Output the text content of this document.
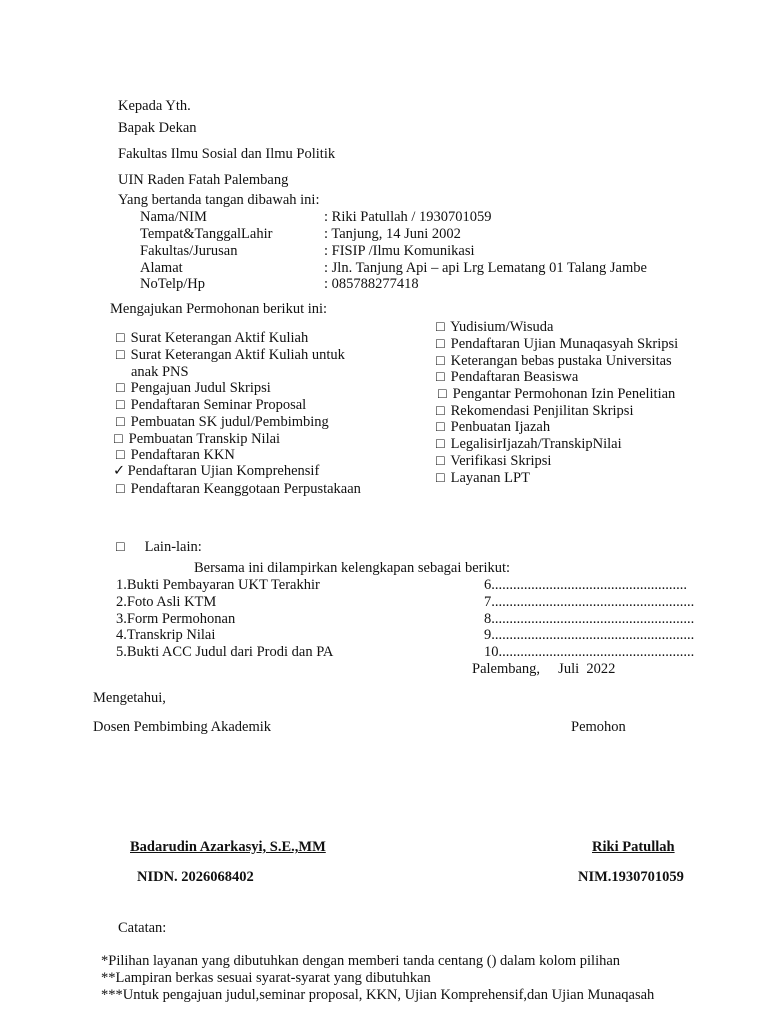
Kepada Yth.
Bapak Dekan
Fakultas Ilmu Sosial dan Ilmu Politik
UIN Raden Fatah Palembang
Yang bertanda tangan dibawah ini:
Nama/NIM	: Riki Patullah / 1930701059
Tempat&TanggalLahir	: Tanjung, 14 Juni 2002
Fakultas/Jurusan	: FISIP /Ilmu Komunikasi
Alamat	: Jln. Tanjung Api – api Lrg Lematang 01 Talang Jambe
NoTelp/Hp	: 085788277418
Mengajukan Permohonan berikut ini:
□ Surat Keterangan Aktif Kuliah
□ Surat Keterangan Aktif Kuliah untuk
anak PNS
□ Pengajuan Judul Skripsi
□ Pendaftaran Seminar Proposal
□ Pembuatan SK judul/Pembimbing
□ Pembuatan Transkip Nilai
□ Pendaftaran KKN
✓ Pendaftaran Ujian Komprehensif
□ Pendaftaran Keanggotaan Perpustakaan
□ Yudisium/Wisuda
□ Pendaftaran Ujian Munaqasyah Skripsi
□ Keterangan bebas pustaka Universitas
□ Pendaftaran Beasiswa
□ Pengantar Permohonan Izin Penelitian
□ Rekomendasi Penjilitan Skripsi
□ Penbuatan Ijazah
□ LegalisirIjazah/TranskipNilai
□ Verifikasi Skripsi
□ Layanan LPT
□ Lain-lain:
Bersama ini dilampirkan kelengkapan sebagai berikut:
1.Bukti Pembayaran UKT Terakhir
2.Foto Asli KTM
3.Form Permohonan
4.Transkrip Nilai
5.Bukti ACC Judul dari Prodi dan PA
6......................................................
7........................................................
8........................................................
9........................................................
10......................................................
Palembang,     Juli  2022
Mengetahui,
Dosen Pembimbing Akademik	Pemohon
Badarudin Azarkasyi, S.E.,MM
NIDN. 2026068402
Riki Patullah
NIM.1930701059
Catatan:
*Pilihan layanan yang dibutuhkan dengan memberi tanda centang () dalam kolom pilihan
**Lampiran berkas sesuai syarat-syarat yang dibutuhkan
***Untuk pengajuan judul,seminar proposal, KKN, Ujian Komprehensif,dan Ujian Munaqasah
